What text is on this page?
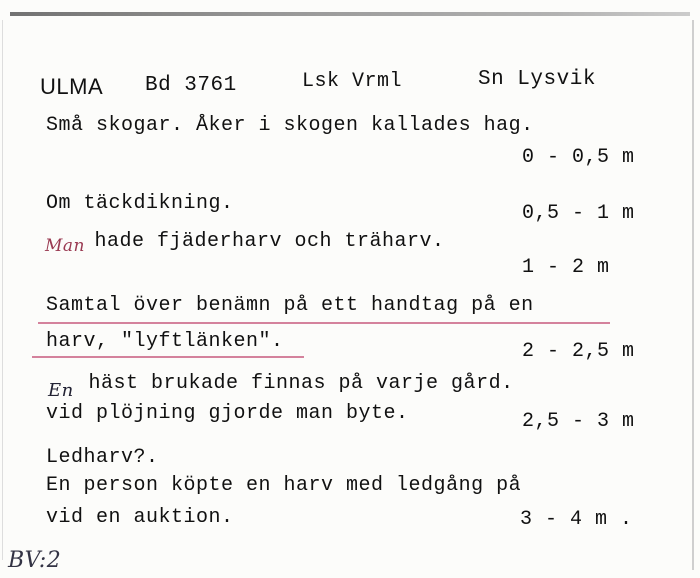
ULMA Bd 3761	Lsk Vrml	Sn Lysvik
Små skogar. Åker i skogen kallades hag.
0 - 0,5 m
Om täckdikning.	0,5 - 1 m
Man
hade fjäderharv och träharv.
1 - 2 m
Samtal över benämn på ett handtag på en
harv, "lyftlänken".	2 - 2,5 m
En häst brukade finnas på varje gård.
vid plöjning gjorde man byte.	2,5 - 3 m
Ledharv?.
En person köpte en harv med ledgång på
vid en auktion.	3 - 4 m .
BV:2
